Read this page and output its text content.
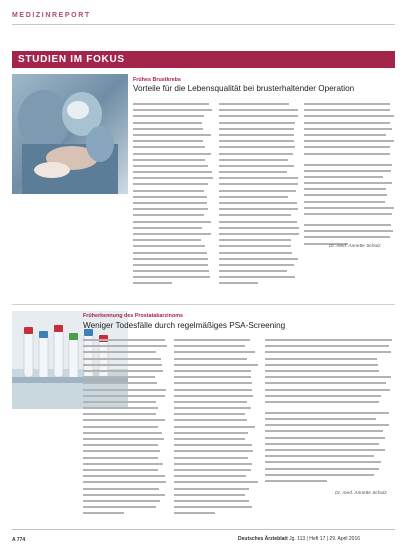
MEDIZINREPORT
STUDIEN IM FOKUS
Frühes Brustkrebs
Vorteile für die Lebensqualität bei brusterhaltender Operation
Dr. med. Annette Schulz
Früherkennung des Prostatakarzinoms
Weniger Todesfälle durch regelmäßiges PSA-Screening
Dr. med. Annette Schulz
A 774	Deutsches Ärzteblatt Jg. 113 | Heft 17 | 29. April 2016
